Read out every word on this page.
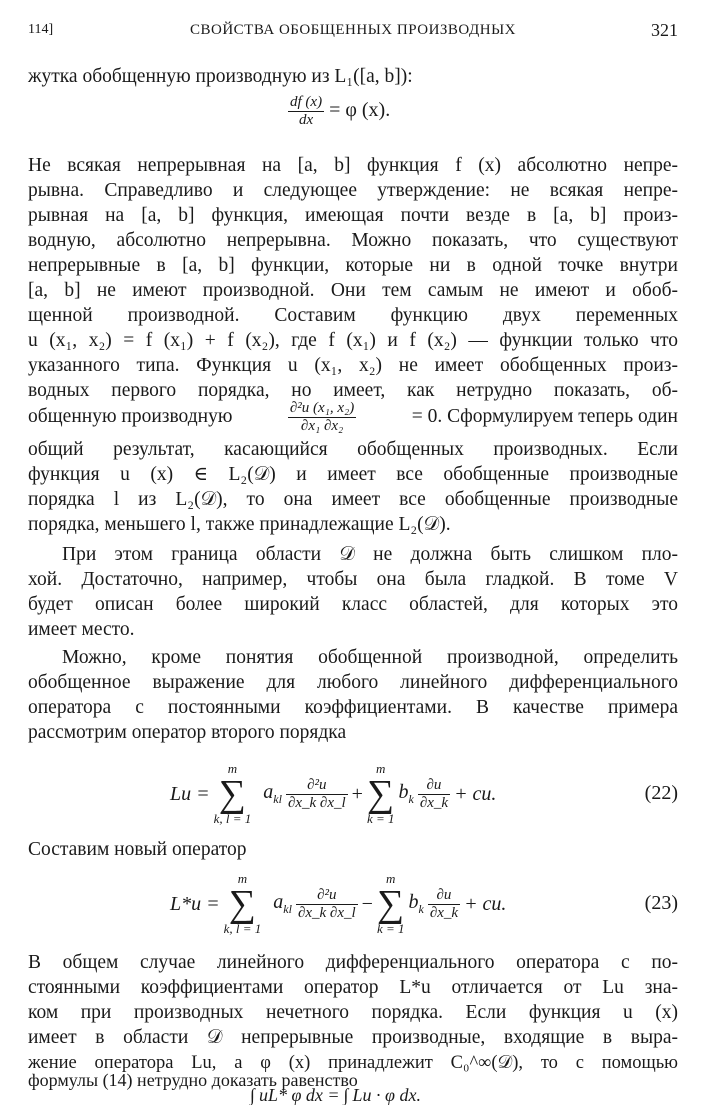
114]	СВОЙСТВА ОБОБЩЕННЫХ ПРОИЗВОДНЫХ	321
жутка обобщенную производную из L₁([a, b]):
$\frac{df (x)}{dx} = \varphi$ (x).
Не всякая непрерывная на [a, b] функция f (x) абсолютно непре-
рывна. Справедливо и следующее утверждение: не всякая непре-
рывная на [a, b] функция, имеющая почти везде в [a, b] произ-
водную, абсолютно непрерывна. Можно показать, что существуют
непрерывные в [a, b] функции, которые ни в одной точке внутри
[a, b] не имеют производной. Они тем самым не имеют и обоб-
щенной производной. Составим функцию двух переменных
u (x₁, x₂) = f (x₁) + f (x₂), где f (x₁) и f (x₂) — функции только что
указанного типа. Функция u (x₁, x₂) не имеет обобщенных произ-
водных первого порядка, но имеет, как нетрудно показать, об-
общенную производную	$\frac{\text{∂²u (x₁, x₂)}}{\text{∂x₁ ∂x₂}}$	= 0. Сформулируем теперь один
общий результат, касающийся обобщенных производных. Если
функция u (x) ∈ L₂(𝒟) и имеет все обобщенные производные
порядка l из L₂(𝒟), то она имеет все обобщенные производные
порядка, меньшего l, также принадлежащие L₂(𝒟).
При этом граница области 𝒟 не должна быть слишком пло-
хой. Достаточно, например, чтобы она была гладкой. В томе V
будет описан более широкий класс областей, для которых это
имеет место.
Можно, кроме понятия обобщенной производной, определить
обобщенное выражение для любого линейного дифференциального
оператора с постоянными коэффициентами. В качестве примера
рассмотрим оператор второго порядка
Lu =
m
∑
k, l = 1
$a_{kl} \frac{\text{∂²u}}{\partial x\_k \partial x\_l}$ +
m
∑
k = 1
$b_k \frac{\partial u}{\partial x\_k}$ + cu.	(22)
Составим новый оператор
L*u =
m
∑
k, l = 1
$a_{kl} \frac{\text{∂²u}}{\partial x\_k \partial x\_l}$ −
m
∑
k = 1
$b_k \frac{\partial u}{\partial x\_k}$ + cu.	(23)
В общем случае линейного дифференциального оператора с по-
стоянными коэффициентами оператор L*u отличается от Lu зна-
ком при производных нечетного порядка. Если функция u (x)
имеет в области 𝒟 непрерывные производные, входящие в выра-
жение оператора Lu, а φ (x) принадлежит C₀^∞(𝒟), то с помощью
формулы (14) нетрудно доказать равенство
∫ uL* φ dx = ∫ Lu · φ dx.
